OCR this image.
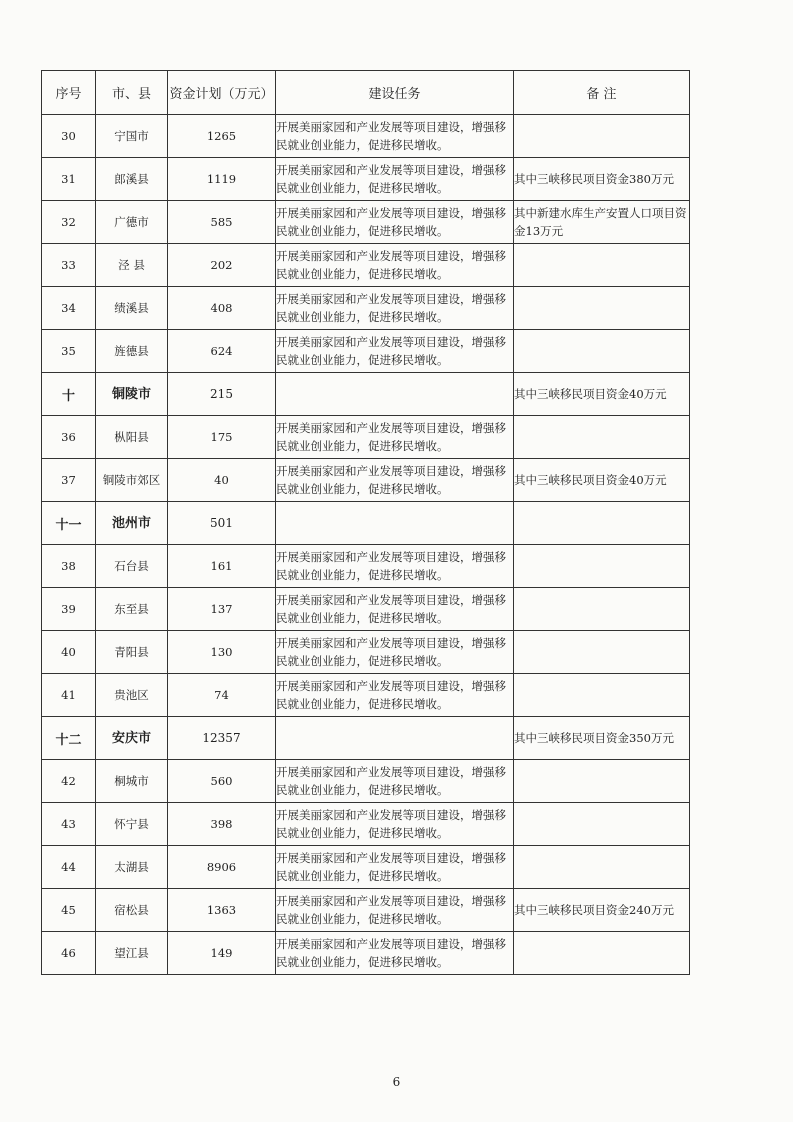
序号	市、县	资金计划（万元）	建设任务	备 注
30	宁国市	1265	开展美丽家园和产业发展等项目建设，增强移民就业创业能力，促进移民增收。	
31	郎溪县	1119	开展美丽家园和产业发展等项目建设，增强移民就业创业能力，促进移民增收。	其中三峡移民项目资金380万元
32	广德市	585	开展美丽家园和产业发展等项目建设，增强移民就业创业能力，促进移民增收。	其中新建水库生产安置人口项目资金13万元
33	泾 县	202	开展美丽家园和产业发展等项目建设，增强移民就业创业能力，促进移民增收。	
34	绩溪县	408	开展美丽家园和产业发展等项目建设，增强移民就业创业能力，促进移民增收。	
35	旌德县	624	开展美丽家园和产业发展等项目建设，增强移民就业创业能力，促进移民增收。	
十	铜陵市	215		其中三峡移民项目资金40万元
36	枞阳县	175	开展美丽家园和产业发展等项目建设，增强移民就业创业能力，促进移民增收。	
37	铜陵市郊区	40	开展美丽家园和产业发展等项目建设，增强移民就业创业能力，促进移民增收。	其中三峡移民项目资金40万元
十一	池州市	501		
38	石台县	161	开展美丽家园和产业发展等项目建设，增强移民就业创业能力，促进移民增收。	
39	东至县	137	开展美丽家园和产业发展等项目建设，增强移民就业创业能力，促进移民增收。	
40	青阳县	130	开展美丽家园和产业发展等项目建设，增强移民就业创业能力，促进移民增收。	
41	贵池区	74	开展美丽家园和产业发展等项目建设，增强移民就业创业能力，促进移民增收。	
十二	安庆市	12357		其中三峡移民项目资金350万元
42	桐城市	560	开展美丽家园和产业发展等项目建设，增强移民就业创业能力，促进移民增收。	
43	怀宁县	398	开展美丽家园和产业发展等项目建设，增强移民就业创业能力，促进移民增收。	
44	太湖县	8906	开展美丽家园和产业发展等项目建设，增强移民就业创业能力，促进移民增收。	
45	宿松县	1363	开展美丽家园和产业发展等项目建设，增强移民就业创业能力，促进移民增收。	其中三峡移民项目资金240万元
46	望江县	149	开展美丽家园和产业发展等项目建设，增强移民就业创业能力，促进移民增收。	
6
